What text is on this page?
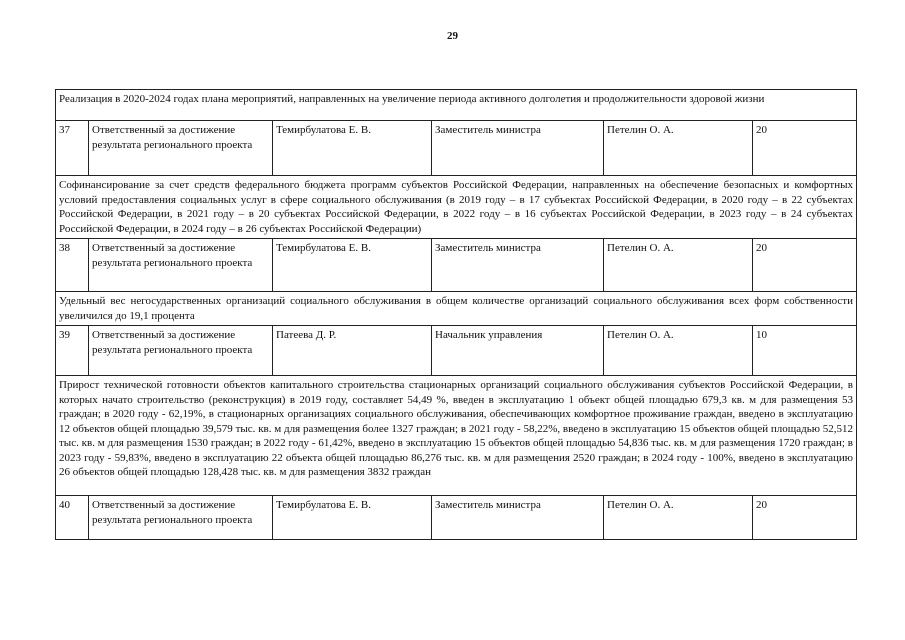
29
Реализация в 2020-2024 годах плана мероприятий, направленных на увеличение периода активного долголетия и продолжительности здоровой жизни					
37	Ответственный за достижение результата регионального проекта	Темирбулатова Е. В.	Заместитель министра	Петелин О. А.	20
Софинансирование за счет средств федерального бюджета программ субъектов Российской Федерации, направленных на обеспечение безопасных и комфортных условий предоставления социальных услуг в сфере социального обслуживания (в 2019 году – в 17 субъектах Российской Федерации, в 2020 году – в 22 субъектах Российской Федерации, в 2021 году – в 20 субъектах Российской Федерации, в 2022 году – в 16 субъектах Российской Федерации, в 2023 году – в 24 субъектах Российской Федерации, в 2024 году – в 26 субъектах Российской Федерации)					
38	Ответственный за достижение результата регионального проекта	Темирбулатова Е. В.	Заместитель министра	Петелин О. А.	20
Удельный вес негосударственных организаций социального обслуживания в общем количестве организаций социального обслуживания всех форм собственности увеличился до 19,1 процента					
39	Ответственный за достижение результата регионального проекта	Патеева Д. Р.	Начальник управления	Петелин О. А.	10
Прирост технической готовности объектов капитального строительства стационарных организаций социального обслуживания субъектов Российской Федерации, в которых начато строительство (реконструкция) в 2019 году, составляет 54,49 %, введен в эксплуатацию 1 объект общей площадью 679,3 кв. м для размещения 53 граждан; в 2020 году - 62,19%, в стационарных организациях социального обслуживания, обеспечивающих комфортное проживание граждан, введено в эксплуатацию 12 объектов общей площадью 39,579 тыс. кв. м для размещения более 1327 граждан; в 2021 году - 58,22%, введено в эксплуатацию 15 объектов общей площадью 52,512 тыс. кв. м для размещения 1530 граждан; в 2022 году - 61,42%, введено в эксплуатацию 15 объектов общей площадью 54,836 тыс. кв. м для размещения 1720 граждан; в 2023 году - 59,83%, введено в эксплуатацию 22 объекта общей площадью 86,276 тыс. кв. м для размещения 2520 граждан; в 2024 году - 100%, введено в эксплуатацию 26 объектов общей площадью 128,428 тыс. кв. м для размещения 3832 граждан					
40	Ответственный за достижение результата регионального проекта	Темирбулатова Е. В.	Заместитель министра	Петелин О. А.	20
